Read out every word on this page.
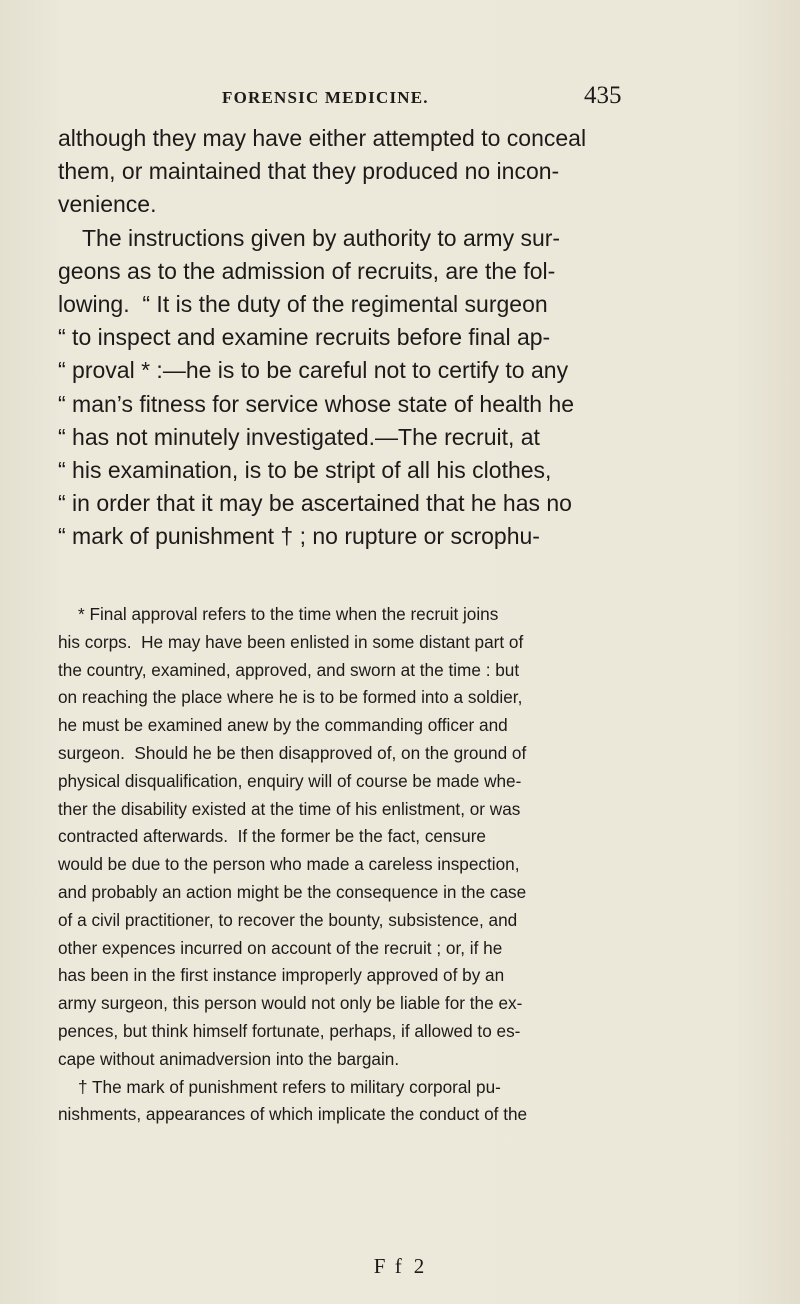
FORENSIC MEDICINE.	435
although they may have either attempted to conceal
them, or maintained that they produced no incon-
venience.
The instructions given by authority to army sur-
geons as to the admission of recruits, are the fol-
lowing.  “ It is the duty of the regimental surgeon
“ to inspect and examine recruits before final ap-
“ proval * :—he is to be careful not to certify to any
“ man’s fitness for service whose state of health he
“ has not minutely investigated.—The recruit, at
“ his examination, is to be stript of all his clothes,
“ in order that it may be ascertained that he has no
“ mark of punishment † ; no rupture or scrophu-
* Final approval refers to the time when the recruit joins
his corps.  He may have been enlisted in some distant part of
the country, examined, approved, and sworn at the time : but
on reaching the place where he is to be formed into a soldier,
he must be examined anew by the commanding officer and
surgeon.  Should he be then disapproved of, on the ground of
physical disqualification, enquiry will of course be made whe-
ther the disability existed at the time of his enlistment, or was
contracted afterwards.  If the former be the fact, censure
would be due to the person who made a careless inspection,
and probably an action might be the consequence in the case
of a civil practitioner, to recover the bounty, subsistence, and
other expences incurred on account of the recruit ; or, if he
has been in the first instance improperly approved of by an
army surgeon, this person would not only be liable for the ex-
pences, but think himself fortunate, perhaps, if allowed to es-
cape without animadversion into the bargain.
† The mark of punishment refers to military corporal pu-
nishments, appearances of which implicate the conduct of the
F f 2
